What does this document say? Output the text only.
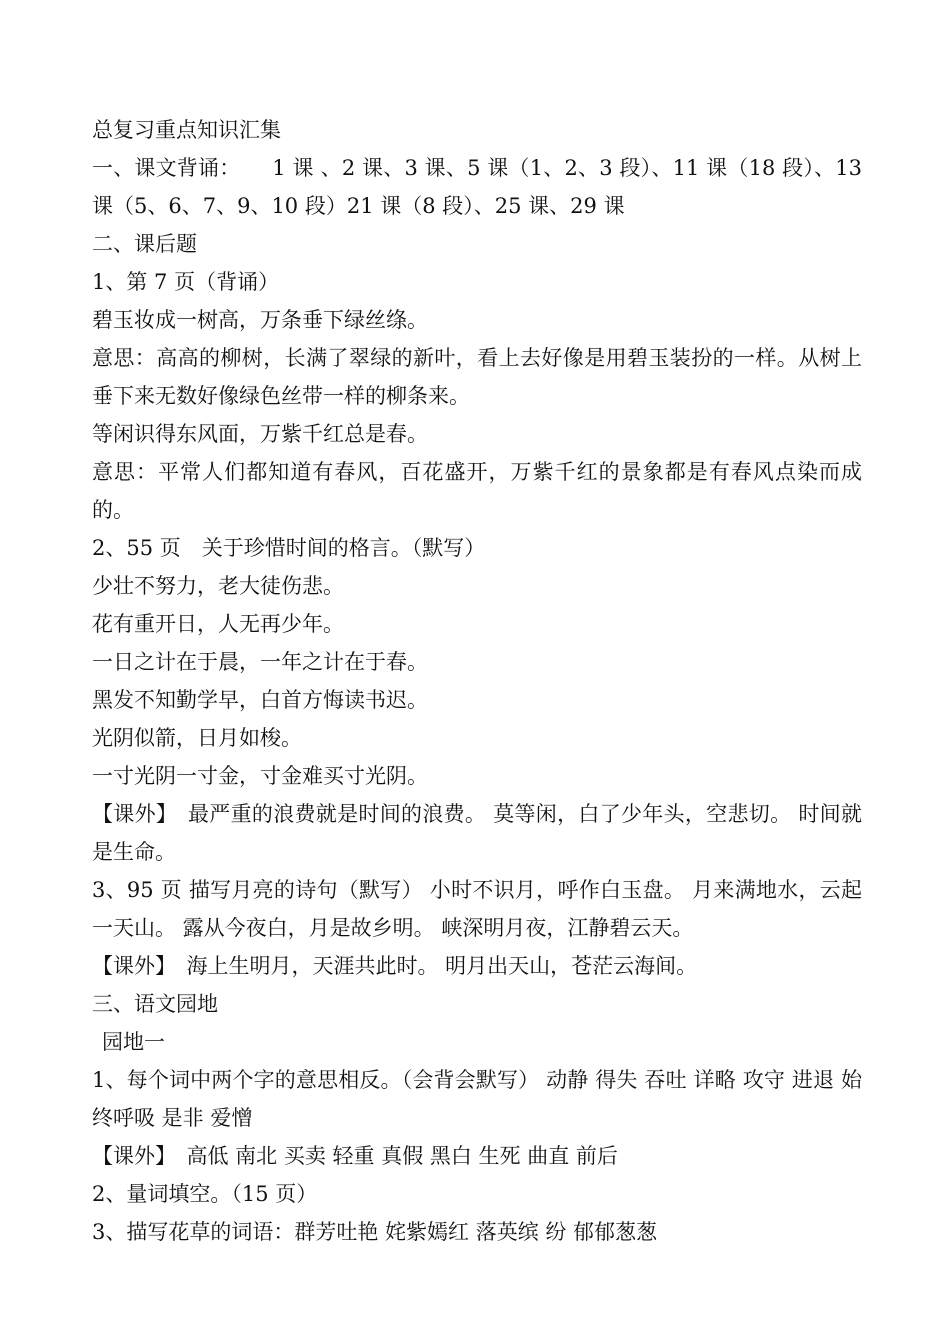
总复习重点知识汇集
一、课文背诵：　　1 课 、2 课、3 课、5 课（1、2、3 段）、11 课（18 段）、13 课（5、6、7、9、10 段）21 课（8 段）、25 课、29 课
二、课后题
1、第 7 页（背诵）
碧玉妆成一树高，万条垂下绿丝绦。
意思：高高的柳树，长满了翠绿的新叶，看上去好像是用碧玉装扮的一样。从树上垂下来无数好像绿色丝带一样的柳条来。
等闲识得东风面，万紫千红总是春。
意思：平常人们都知道有春风，百花盛开，万紫千红的景象都是有春风点染而成的。
2、55 页　关于珍惜时间的格言。（默写）
少壮不努力，老大徒伤悲。
花有重开日，人无再少年。
一日之计在于晨，一年之计在于春。
黑发不知勤学早，白首方悔读书迟。
光阴似箭，日月如梭。
一寸光阴一寸金，寸金难买寸光阴。
【课外】　最严重的浪费就是时间的浪费。 莫等闲，白了少年头，空悲切。 时间就是生命。
3、95 页 描写月亮的诗句（默写） 小时不识月，呼作白玉盘。 月来满地水，云起一天山。 露从今夜白，月是故乡明。 峡深明月夜，江静碧云天。
【课外】　海上生明月，天涯共此时。 明月出天山，苍茫云海间。
三、语文园地
园地一
1、每个词中两个字的意思相反。（会背会默写） 动静 得失 吞吐 详略 攻守 进退 始终呼吸 是非 爱憎
【课外】　高低 南北 买卖 轻重 真假 黑白 生死 曲直 前后
2、量词填空。（15 页）
3、描写花草的词语：群芳吐艳 姹紫嫣红 落英缤 纷 郁郁葱葱
